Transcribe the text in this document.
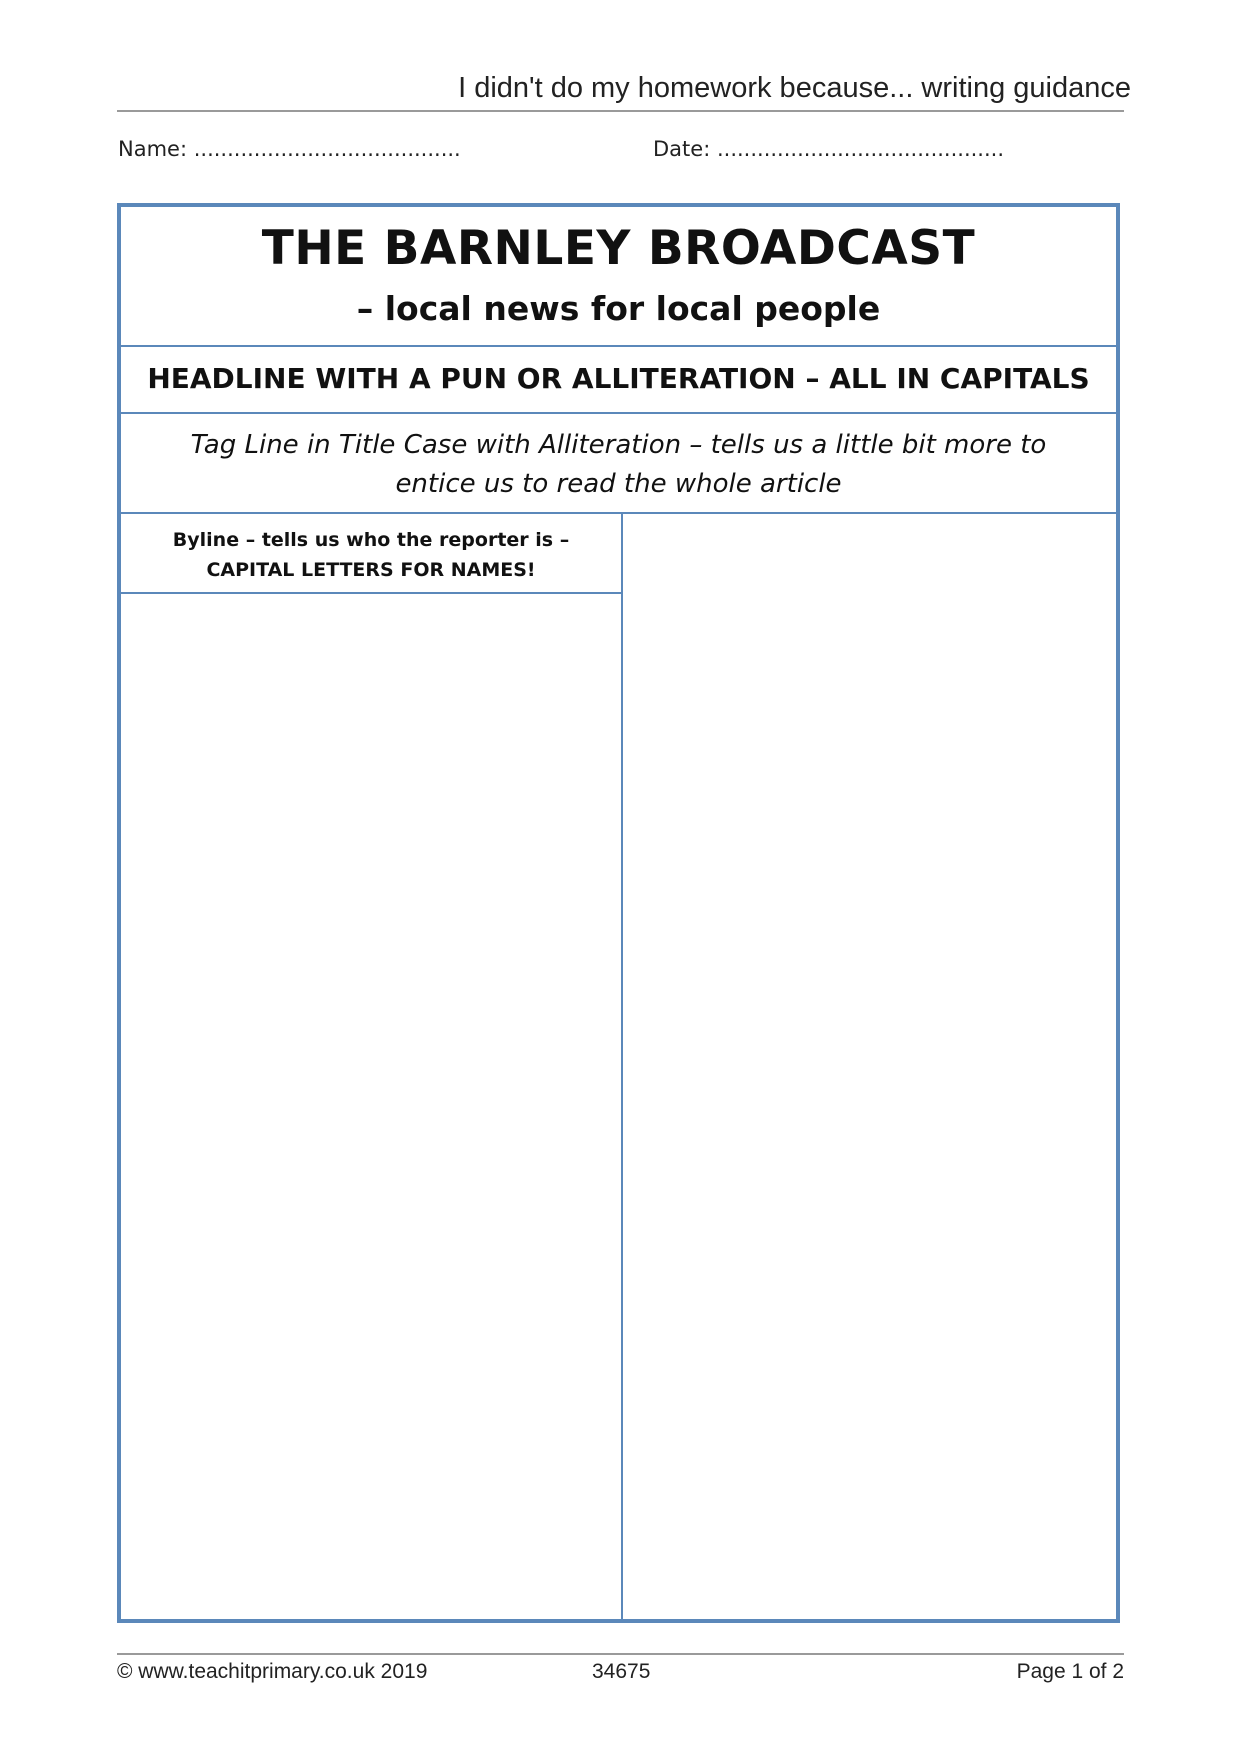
I didn't do my homework because... writing guidance
Name: ........................................	Date: ...........................................
THE BARNLEY BROADCAST
– local news for local people
HEADLINE WITH A PUN OR ALLITERATION – ALL IN CAPITALS
Tag Line in Title Case with Alliteration – tells us a little bit more to
entice us to read the whole article
Byline – tells us who the reporter is –
CAPITAL LETTERS FOR NAMES!
© www.teachitprimary.co.uk 2019	34675	Page 1 of 2
